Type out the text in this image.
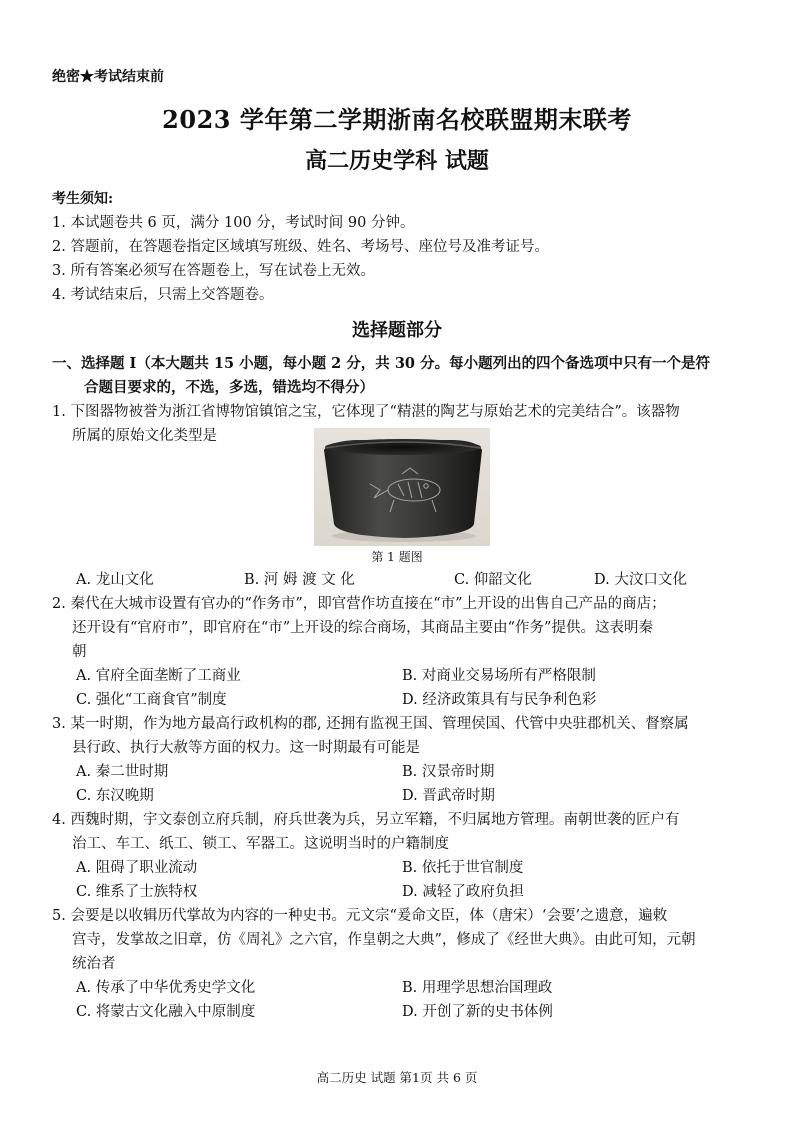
绝密★考试结束前
2023 学年第二学期浙南名校联盟期末联考
高二历史学科 试题
考生须知:
1. 本试题卷共 6 页，满分 100 分，考试时间 90 分钟。
2. 答题前，在答题卷指定区域填写班级、姓名、考场号、座位号及准考证号。
3. 所有答案必须写在答题卷上，写在试卷上无效。
4. 考试结束后，只需上交答题卷。
选择题部分
一、选择题 I（本大题共 15 小题，每小题 2 分，共 30 分。每小题列出的四个备选项中只有一个是符
合题目要求的，不选，多选，错选均不得分）
1. 下图器物被誉为浙江省博物馆镇馆之宝，它体现了“精湛的陶艺与原始艺术的完美结合”。该器物
所属的原始文化类型是
第 1 题图
A. 龙山文化	B. 河 姆 渡 文 化	C. 仰韶文化	D. 大汶口文化
2. 秦代在大城市设置有官办的“作务市”，即官营作坊直接在“市”上开设的出售自己产品的商店；
还开设有“官府市”，即官府在“市”上开设的综合商场，其商品主要由“作务”提供。这表明秦
朝
A. 官府全面垄断了工商业	B. 对商业交易场所有严格限制
C. 强化“工商食官”制度	D. 经济政策具有与民争利色彩
3. 某一时期，作为地方最高行政机构的郡, 还拥有监视王国、管理侯国、代管中央驻郡机关、督察属
县行政、执行大赦等方面的权力。这一时期最有可能是
A. 秦二世时期	B. 汉景帝时期
C. 东汉晚期	D. 晋武帝时期
4. 西魏时期，宇文泰创立府兵制，府兵世袭为兵，另立军籍，不归属地方管理。南朝世袭的匠户有
治工、车工、纸工、锁工、军器工。这说明当时的户籍制度
A. 阻碍了职业流动	B. 依托于世官制度
C. 维系了士族特权	D. 减轻了政府负担
5. 会要是以收辑历代掌故为内容的一种史书。元文宗“爰命文臣，体（唐宋）‘会要’之遗意，遍敕
宫寺，发掌故之旧章，仿《周礼》之六官，作皇朝之大典”，修成了《经世大典》。由此可知，元朝
统治者
A. 传承了中华优秀史学文化	B. 用理学思想治国理政
C. 将蒙古文化融入中原制度	D. 开创了新的史书体例
高二历史 试题 第1页 共 6 页
